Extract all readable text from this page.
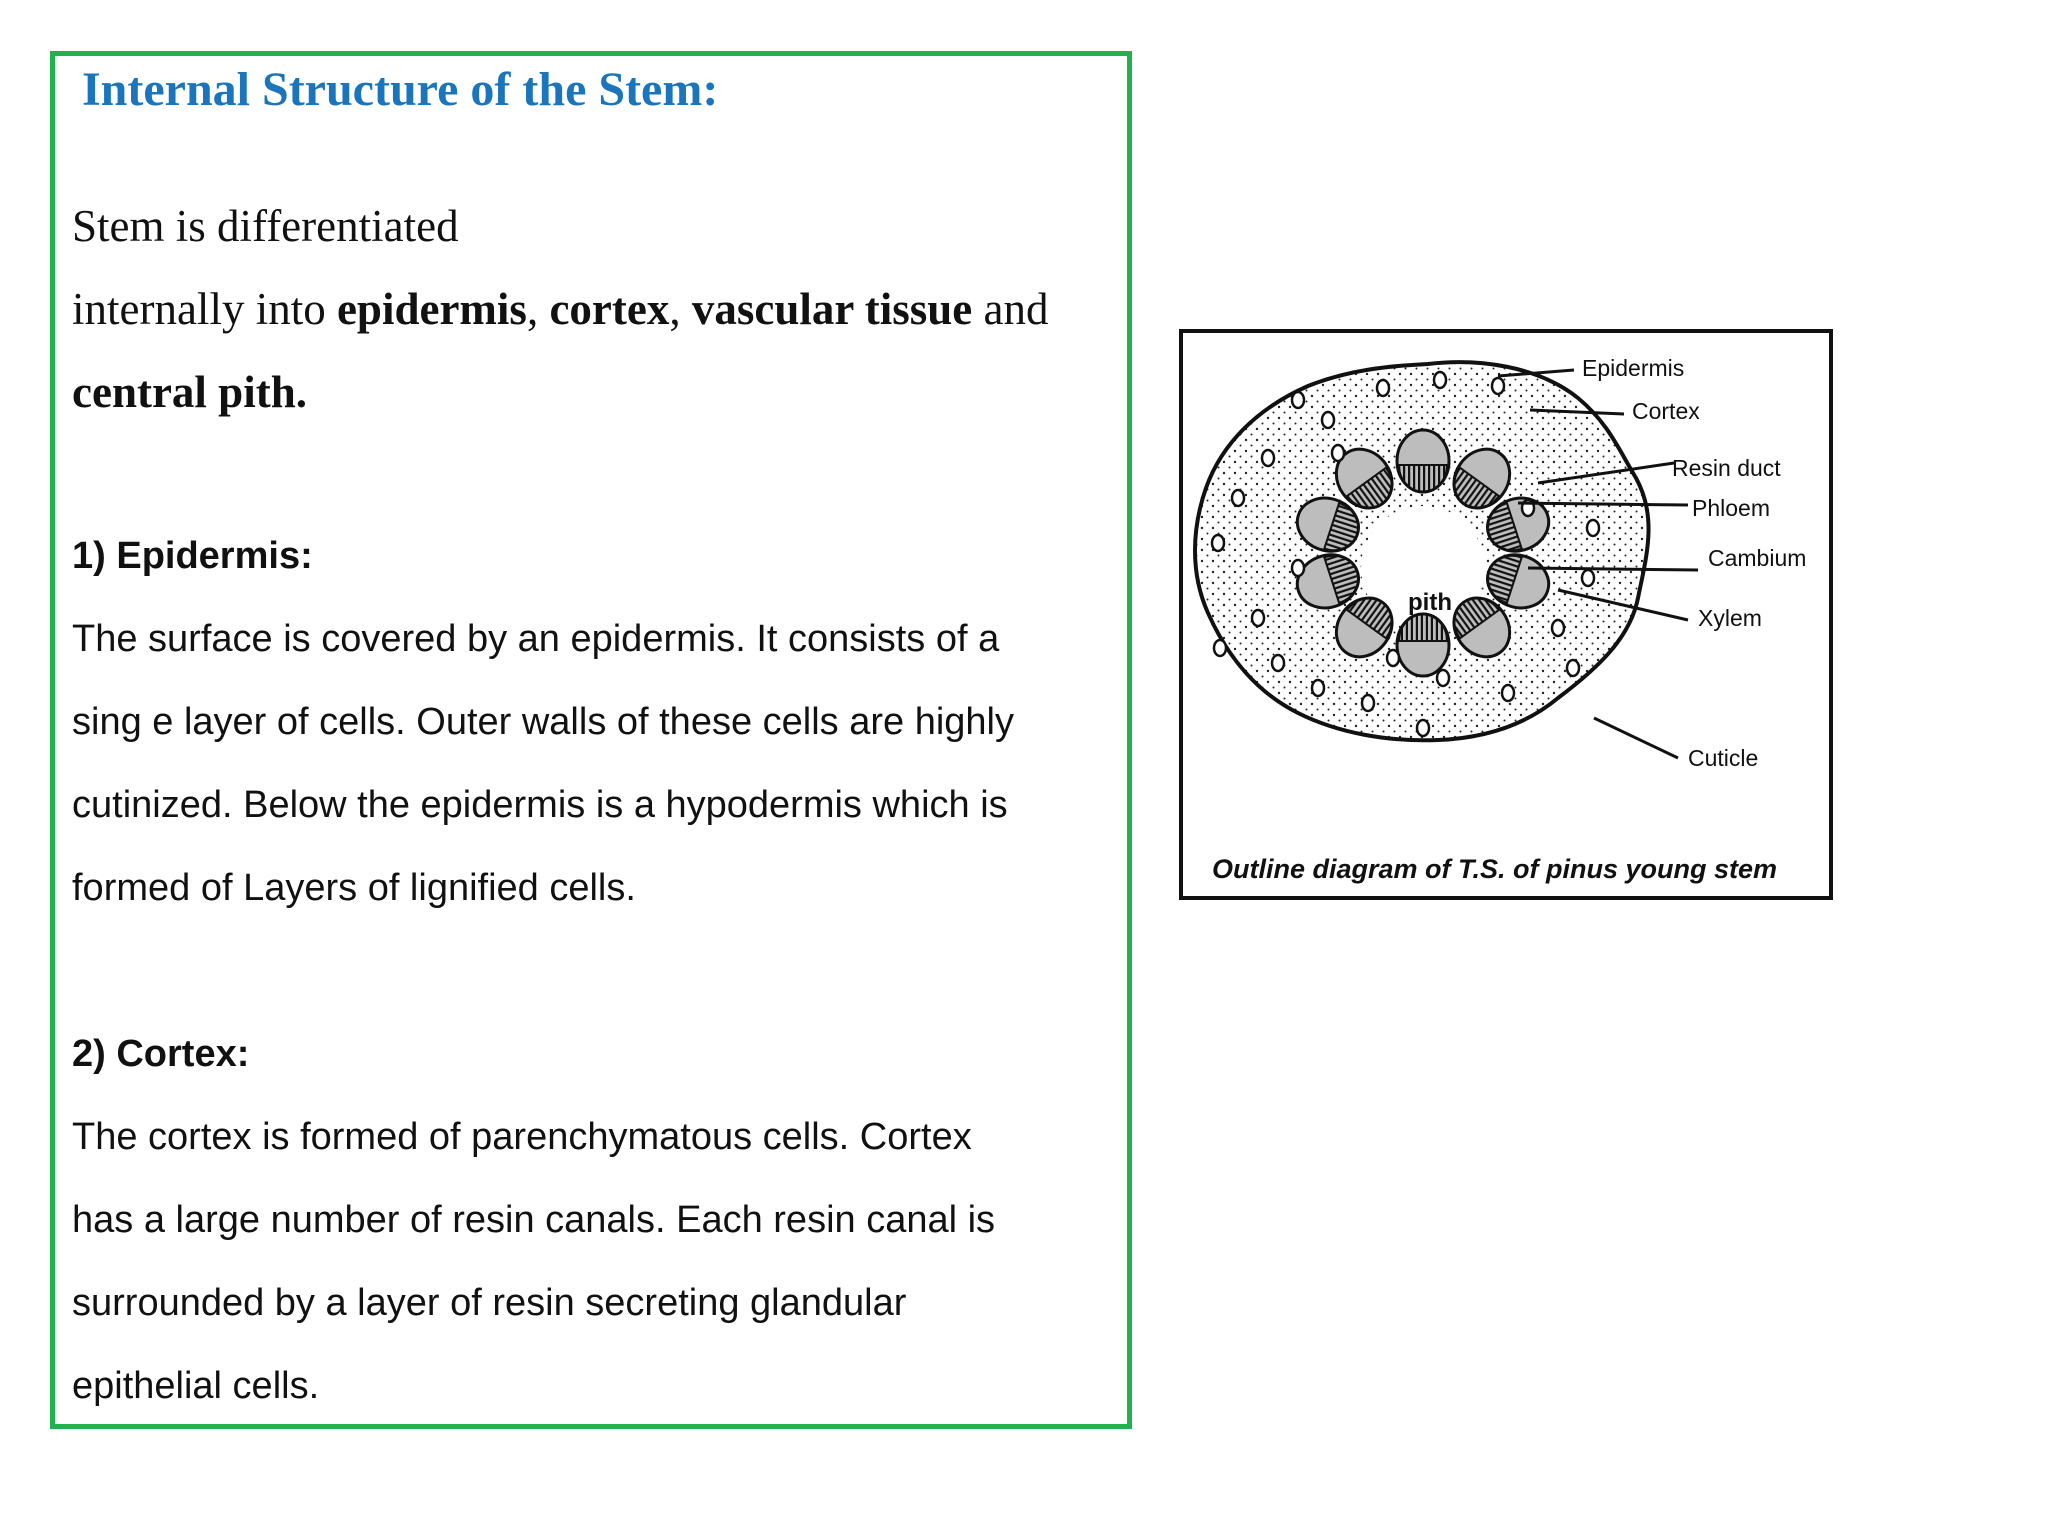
Internal Structure of the Stem:

Stem is differentiated

internally into epidermis, cortex, vascular tissue and

central pith.

1) Epidermis:

The surface is covered by an epidermis. It consists of a

sing e layer of cells. Outer walls of these cells are highly

cutinized. Below the epidermis is a hypodermis which is

formed of Layers of lignified cells.

2) Cortex:

The cortex is formed of parenchymatous cells. Cortex

has a large number of resin canals. Each resin canal is

surrounded by a layer of resin secreting glandular

epithelial cells.

Epidermis
Cortex
Resin duct
Phloem
Cambium
Xylem
Cuticle
pith
Outline diagram of T.S. of pinus young stem
